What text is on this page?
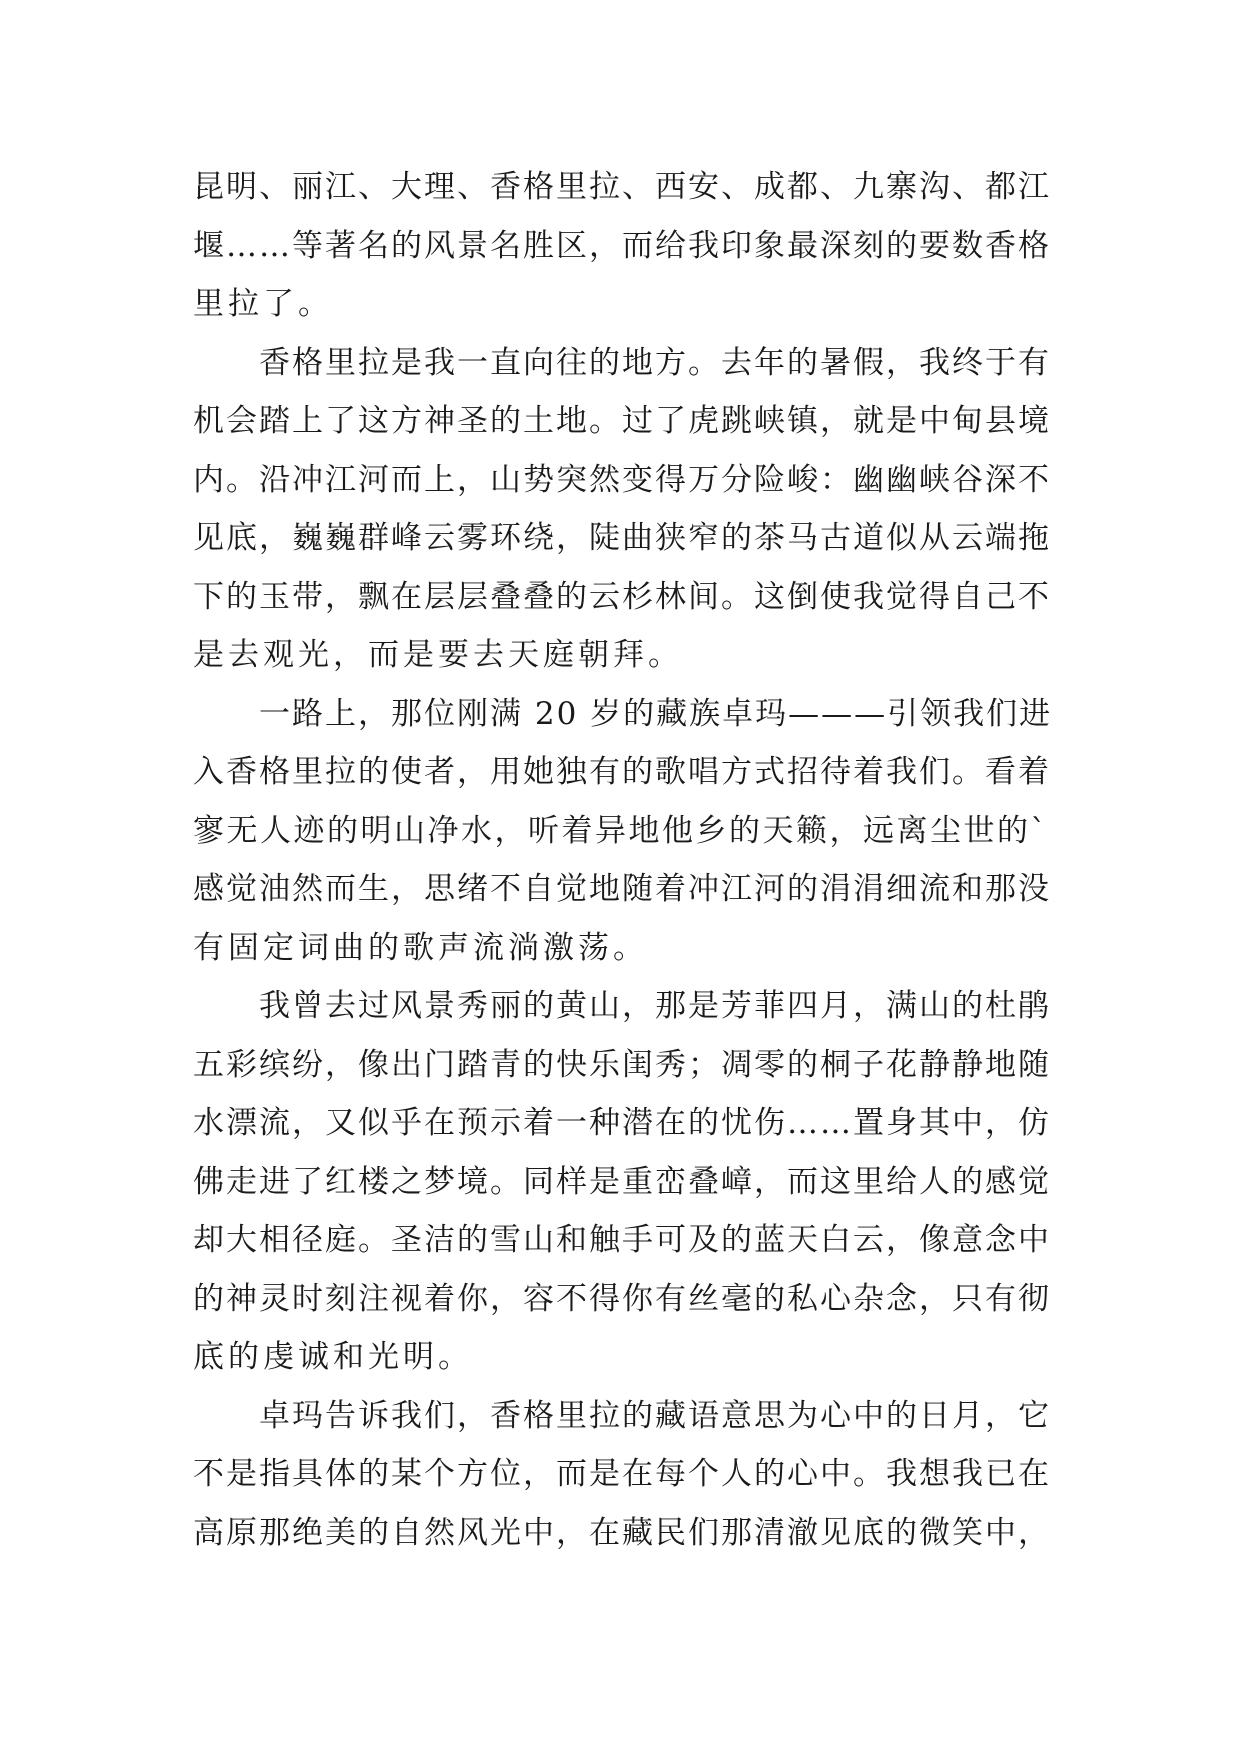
昆明、丽江、大理、香格里拉、西安、成都、九寨沟、都江
堰……等著名的风景名胜区，而给我印象最深刻的要数香格
里拉了。

香格里拉是我一直向往的地方。去年的暑假，我终于有
机会踏上了这方神圣的土地。过了虎跳峡镇，就是中甸县境
内。沿冲江河而上，山势突然变得万分险峻：幽幽峡谷深不
见底，巍巍群峰云雾环绕，陡曲狭窄的茶马古道似从云端拖
下的玉带，飘在层层叠叠的云杉林间。这倒使我觉得自己不
是去观光，而是要去天庭朝拜。

一路上，那位刚满 20 岁的藏族卓玛———引领我们进
入香格里拉的使者，用她独有的歌唱方式招待着我们。看着
寥无人迹的明山净水，听着异地他乡的天籁，远离尘世的`
感觉油然而生，思绪不自觉地随着冲江河的涓涓细流和那没
有固定词曲的歌声流淌激荡。

我曾去过风景秀丽的黄山，那是芳菲四月，满山的杜鹃
五彩缤纷，像出门踏青的快乐闺秀；凋零的桐子花静静地随
水漂流，又似乎在预示着一种潜在的忧伤……置身其中，仿
佛走进了红楼之梦境。同样是重峦叠嶂，而这里给人的感觉
却大相径庭。圣洁的雪山和触手可及的蓝天白云，像意念中
的神灵时刻注视着你，容不得你有丝毫的私心杂念，只有彻
底的虔诚和光明。

卓玛告诉我们，香格里拉的藏语意思为心中的日月，它
不是指具体的某个方位，而是在每个人的心中。我想我已在
高原那绝美的自然风光中，在藏民们那清澈见底的微笑中，
